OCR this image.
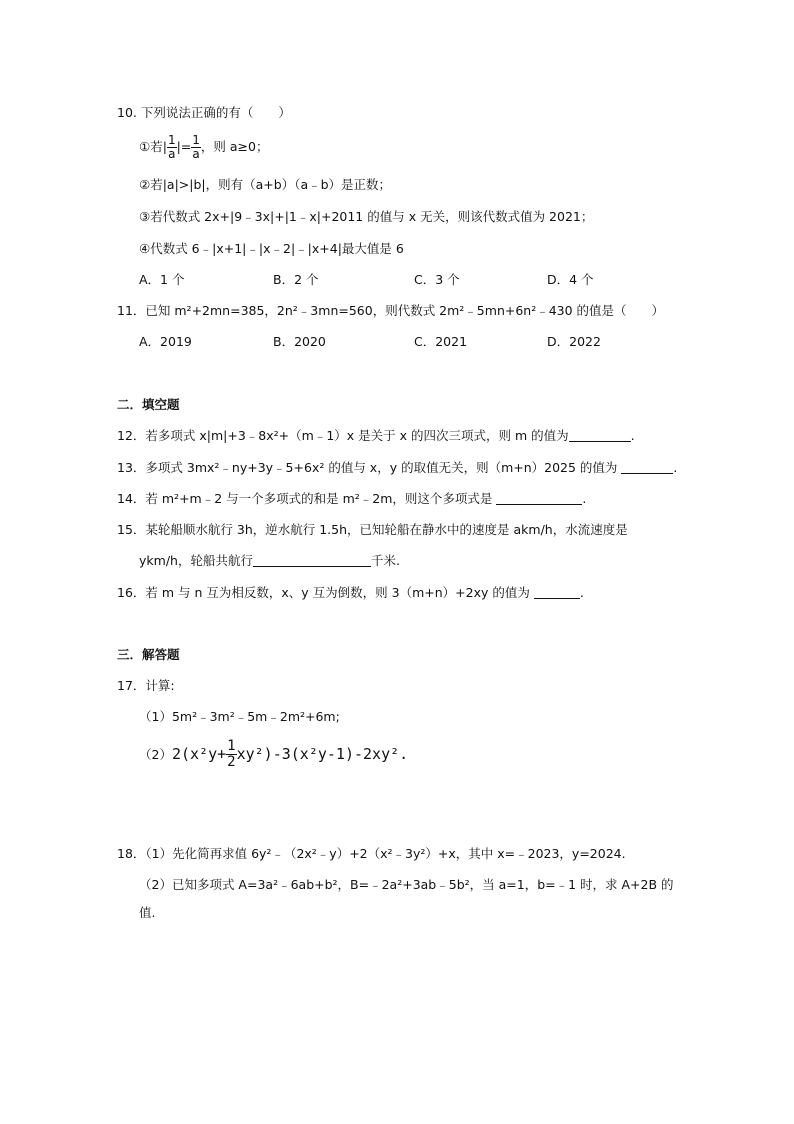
10. 下列说法正确的有（　　）
①若| $\frac{1}{a}$ |= $\frac{1}{a}$ ，则 a≥0；
②若|a|>|b|，则有（a+b）（a﹣b）是正数；
③若代数式 2x+|9﹣3x|+|1﹣x|+2011 的值与 x 无关，则该代数式值为 2021；
④代数式 6﹣|x+1|﹣|x﹣2|﹣|x+4|最大值是 6
A．1 个	B．2 个	C．3 个	D．4 个
11．已知 m²+2mn=385，2n²﹣3mn=560，则代数式 2m²﹣5mn+6n²﹣430 的值是（　　）
A．2019	B．2020	C．2021	D．2022
二．填空题
12．若多项式 x|m|+3﹣8x²+（m﹣1）x 是关于 x 的四次三项式，则 m 的值为	.
13．多项式 3mx²﹣ny+3y﹣5+6x² 的值与 x，y 的取值无关，则（m+n）2025 的值为	.
14．若 m²+m﹣2 与一个多项式的和是 m²﹣2m，则这个多项式是	.
15．某轮船顺水航行 3h，逆水航行 1.5h，已知轮船在静水中的速度是 akm/h，水流速度是
ykm/h，轮船共航行	千米.
16．若 m 与 n 互为相反数，x、y 互为倒数，则 3（m+n）+2xy 的值为	.
三．解答题
17．计算:
（1）5m²﹣3m²﹣5m﹣2m²+6m;
$(2)2(x^2y+ \frac{1}{2} xy^2)-3(x^2y-1)-2xy^2$.
18．（1）先化简再求值 6y²﹣（2x²﹣y）+2（x²﹣3y²）+x，其中 x=﹣2023，y=2024.
（2）已知多项式 A=3a²﹣6ab+b²，B=﹣2a²+3ab﹣5b²，当 a=1，b=﹣1 时，求 A+2B 的
值.
